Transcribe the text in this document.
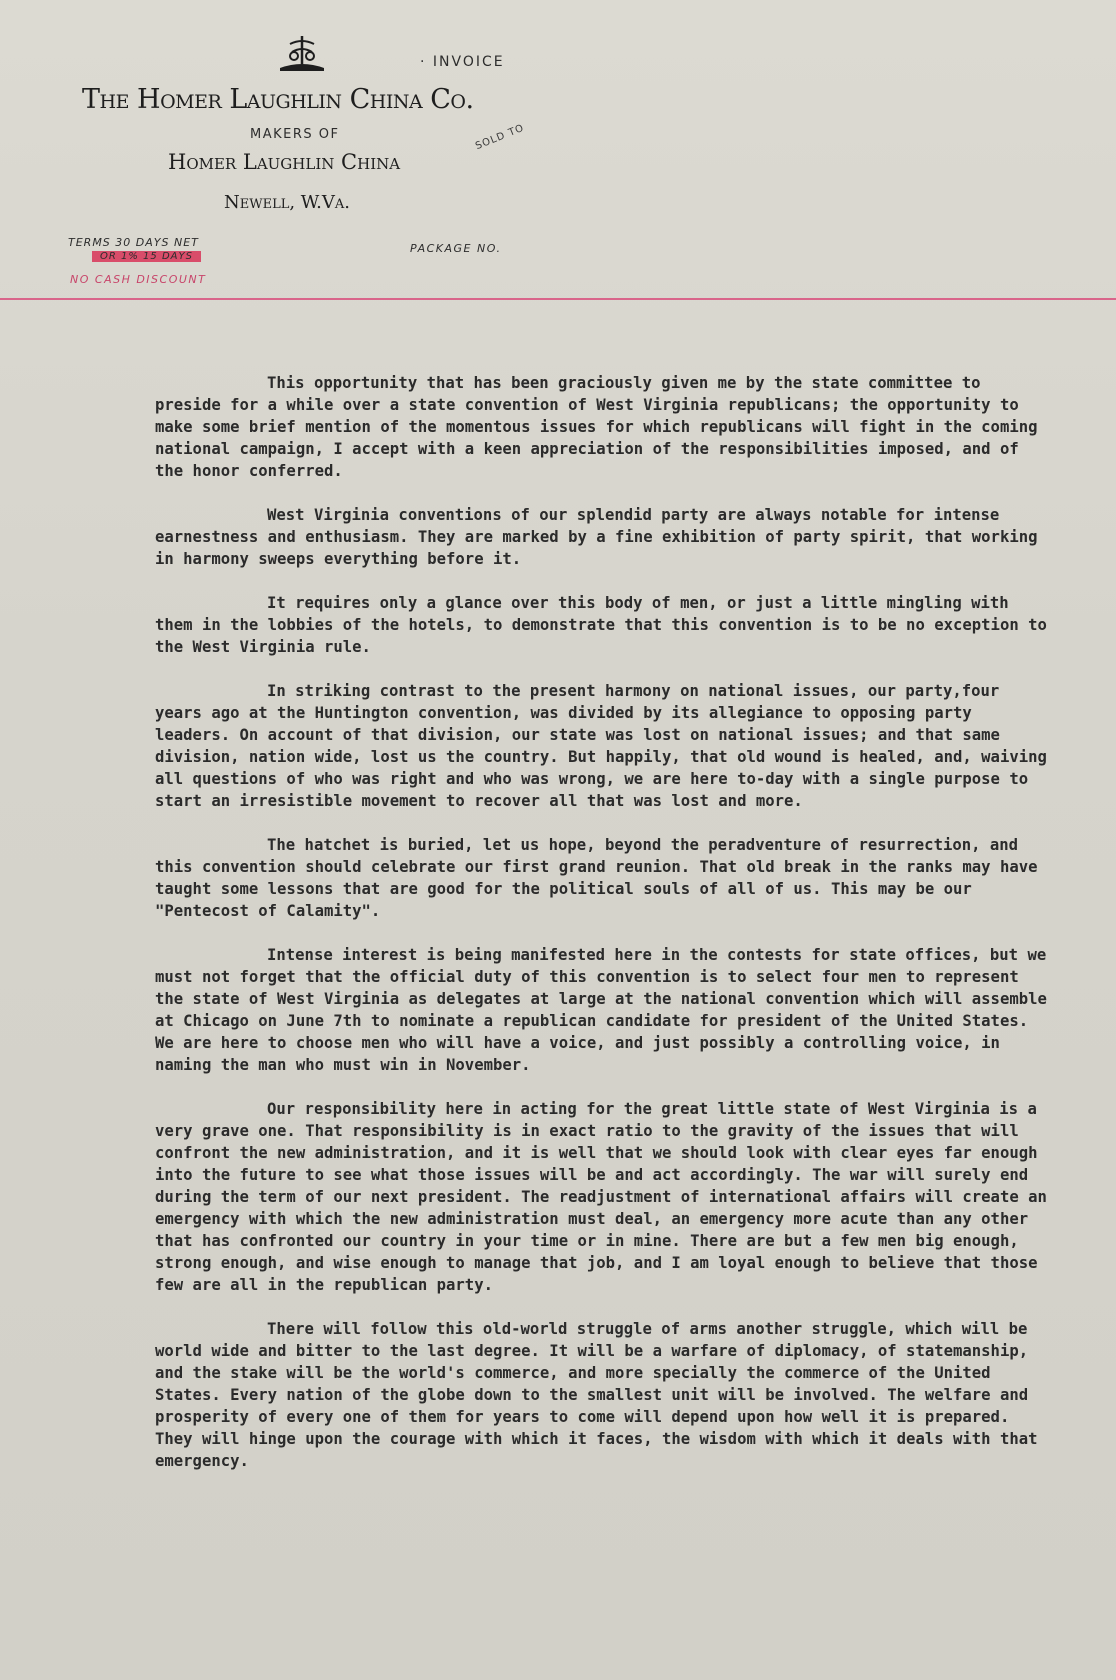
· INVOICE
The Homer Laughlin China Co.
MAKERS OF
Homer Laughlin China
Newell, W.Va.
SOLD TO
TERMS 30 DAYS NET
OR 1% 15 DAYS
NO CASH DISCOUNT
PACKAGE NO.

This opportunity that has been graciously given me by the state committee to preside for a while over a state convention of West Virginia republicans; the opportunity to make some brief mention of the momentous issues for which republicans will fight in the coming national campaign, I accept with a keen appreciation of the responsibilities imposed, and of the honor conferred.

West Virginia conventions of our splendid party are always notable for intense earnestness and enthusiasm. They are marked by a fine exhibition of party spirit, that working in harmony sweeps everything before it.

It requires only a glance over this body of men, or just a little mingling with them in the lobbies of the hotels, to demonstrate that this convention is to be no exception to the West Virginia rule.

In striking contrast to the present harmony on national issues, our party,four years ago at the Huntington convention, was divided by its allegiance to opposing party leaders. On account of that division, our state was lost on national issues; and that same division, nation wide, lost us the country. But happily, that old wound is healed, and, waiving all questions of who was right and who was wrong, we are here to-day with a single purpose to start an irresistible movement to recover all that was lost and more.

The hatchet is buried, let us hope, beyond the peradventure of resurrection, and this convention should celebrate our first grand reunion. That old break in the ranks may have taught some lessons that are good for the political souls of all of us. This may be our "Pentecost of Calamity".

Intense interest is being manifested here in the contests for state offices, but we must not forget that the official duty of this convention is to select four men to represent the state of West Virginia as delegates at large at the national convention which will assemble at Chicago on June 7th to nominate a republican candidate for president of the United States. We are here to choose men who will have a voice, and just possibly a controlling voice, in naming the man who must win in November.

Our responsibility here in acting for the great little state of West Virginia is a very grave one. That responsibility is in exact ratio to the gravity of the issues that will confront the new administration, and it is well that we should look with clear eyes far enough into the future to see what those issues will be and act accordingly. The war will surely end during the term of our next president. The readjustment of international affairs will create an emergency with which the new administration must deal, an emergency more acute than any other that has confronted our country in your time or in mine. There are but a few men big enough, strong enough, and wise enough to manage that job, and I am loyal enough to believe that those few are all in the republican party.

There will follow this old-world struggle of arms another struggle, which will be world wide and bitter to the last degree. It will be a warfare of diplomacy, of statemanship, and the stake will be the world's commerce, and more specially the commerce of the United States. Every nation of the globe down to the smallest unit will be involved. The welfare and prosperity of every one of them for years to come will depend upon how well it is prepared. They will hinge upon the courage with which it faces, the wisdom with which it deals with that emergency.
